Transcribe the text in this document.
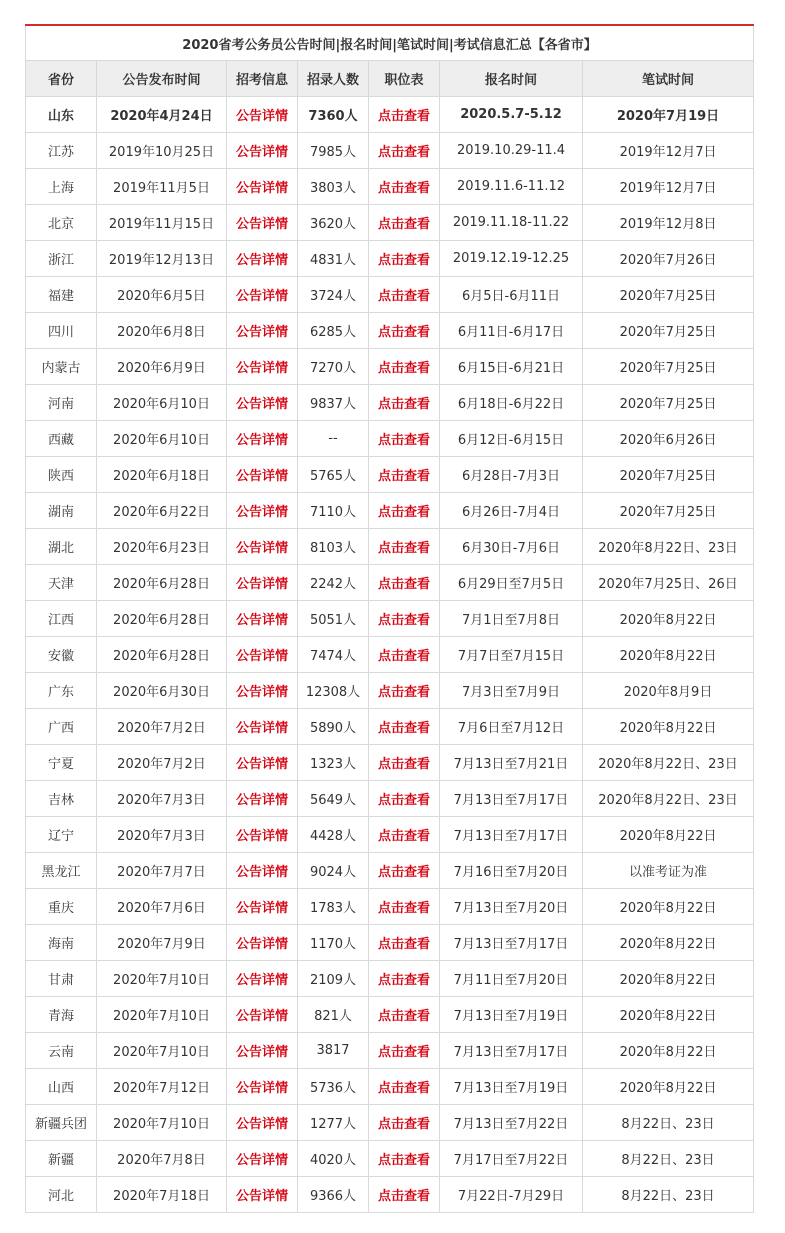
2020省考公务员公告时间|报名时间|笔试时间|考试信息汇总【各省市】						
省份	公告发布时间	招考信息	招录人数	职位表	报名时间	笔试时间
山东	2020年4月24日	公告详情	7360人	点击查看	2020.5.7-5.12	2020年7月19日
江苏	2019年10月25日	公告详情	7985人	点击查看	2019.10.29-11.4	2019年12月7日
上海	2019年11月5日	公告详情	3803人	点击查看	2019.11.6-11.12	2019年12月7日
北京	2019年11月15日	公告详情	3620人	点击查看	2019.11.18-11.22	2019年12月8日
浙江	2019年12月13日	公告详情	4831人	点击查看	2019.12.19-12.25	2020年7月26日
福建	2020年6月5日	公告详情	3724人	点击查看	6月5日-6月11日	2020年7月25日
四川	2020年6月8日	公告详情	6285人	点击查看	6月11日-6月17日	2020年7月25日
内蒙古	2020年6月9日	公告详情	7270人	点击查看	6月15日-6月21日	2020年7月25日
河南	2020年6月10日	公告详情	9837人	点击查看	6月18日-6月22日	2020年7月25日
西藏	2020年6月10日	公告详情	--	点击查看	6月12日-6月15日	2020年6月26日
陕西	2020年6月18日	公告详情	5765人	点击查看	6月28日-7月3日	2020年7月25日
湖南	2020年6月22日	公告详情	7110人	点击查看	6月26日-7月4日	2020年7月25日
湖北	2020年6月23日	公告详情	8103人	点击查看	6月30日-7月6日	2020年8月22日、23日
天津	2020年6月28日	公告详情	2242人	点击查看	6月29日至7月5日	2020年7月25日、26日
江西	2020年6月28日	公告详情	5051人	点击查看	7月1日至7月8日	2020年8月22日
安徽	2020年6月28日	公告详情	7474人	点击查看	7月7日至7月15日	2020年8月22日
广东	2020年6月30日	公告详情	12308人	点击查看	7月3日至7月9日	2020年8月9日
广西	2020年7月2日	公告详情	5890人	点击查看	7月6日至7月12日	2020年8月22日
宁夏	2020年7月2日	公告详情	1323人	点击查看	7月13日至7月21日	2020年8月22日、23日
吉林	2020年7月3日	公告详情	5649人	点击查看	7月13日至7月17日	2020年8月22日、23日
辽宁	2020年7月3日	公告详情	4428人	点击查看	7月13日至7月17日	2020年8月22日
黑龙江	2020年7月7日	公告详情	9024人	点击查看	7月16日至7月20日	以准考证为准
重庆	2020年7月6日	公告详情	1783人	点击查看	7月13日至7月20日	2020年8月22日
海南	2020年7月9日	公告详情	1170人	点击查看	7月13日至7月17日	2020年8月22日
甘肃	2020年7月10日	公告详情	2109人	点击查看	7月11日至7月20日	2020年8月22日
青海	2020年7月10日	公告详情	821人	点击查看	7月13日至7月19日	2020年8月22日
云南	2020年7月10日	公告详情	3817	点击查看	7月13日至7月17日	2020年8月22日
山西	2020年7月12日	公告详情	5736人	点击查看	7月13日至7月19日	2020年8月22日
新疆兵团	2020年7月10日	公告详情	1277人	点击查看	7月13日至7月22日	8月22日、23日
新疆	2020年7月8日	公告详情	4020人	点击查看	7月17日至7月22日	8月22日、23日
河北	2020年7月18日	公告详情	9366人	点击查看	7月22日-7月29日	8月22日、23日
